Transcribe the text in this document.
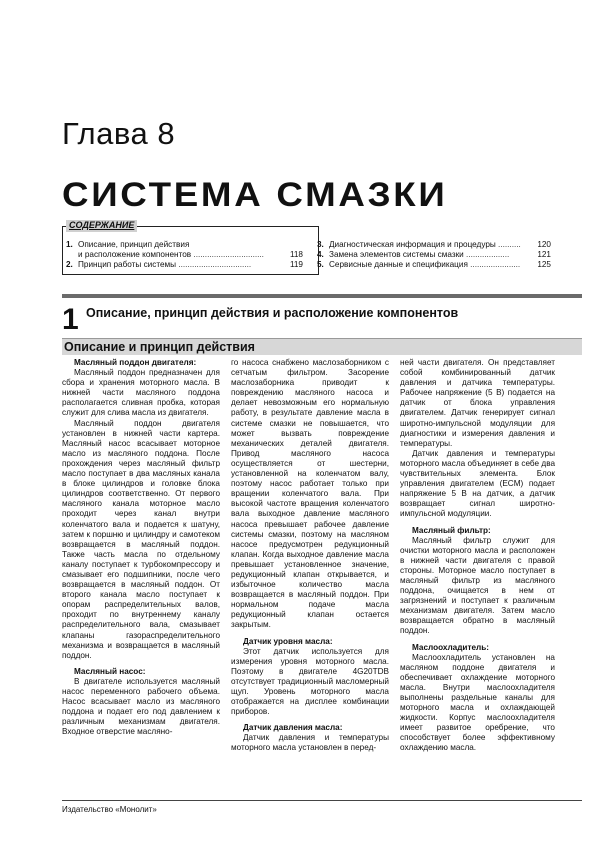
Глава 8
СИСТЕМА СМАЗКИ
СОДЕРЖАНИЕ
1. Описание, принцип действия
и расположение компонентов ...............................	118
2. Принцип работы системы ................................	119
3. Диагностическая информация и процедуры .......... 120
4. Замена элементов системы смазки ...................	121
5. Сервисные данные и спецификация ...................... 125
1 Описание, принцип действия и расположение компонентов
Описание и принцип действия

Масляный поддон двигателя:

Масляный поддон предназначен для сбора и хранения моторного масла. В нижней части масляного поддона располагается сливная пробка, которая служит для слива масла из двигателя.

Масляный поддон двигателя установлен в нижней части картера. Масляный насос всасывает моторное масло из масляного поддона. После прохождения через масляный фильтр масло поступает в два масляных канала в блоке цилиндров и головке блока цилиндров соответственно. От первого масляного канала моторное масло проходит через канал внутри коленчатого вала и подается к шатуну, затем к поршню и цилиндру и самотеком возвращается в масляный поддон. Также часть масла по отдельному каналу поступает к турбокомпрессору и смазывает его подшипники, после чего возвращается в масляный поддон. От второго канала масло поступает к опорам распределительных валов, проходит по внутреннему каналу распределительного вала, смазывает клапаны газораспределительного механизма и возвращается в масляный поддон.

Масляный насос:

В двигателе используется масляный насос переменного рабочего объема. Насос всасывает масло из масляного поддона и подает его под давлением к различным механизмам двигателя. Входное отверстие масляно-

го насоса снабжено маслозаборником с сетчатым фильтром. Засорение маслозаборника приводит к повреждению масляного насоса и делает невозможным его нормальную работу, в результате давление масла в системе смазки не повышается, что может вызвать повреждение механических деталей двигателя. Привод масляного насоса осуществляется от шестерни, установленной на коленчатом валу, поэтому насос работает только при вращении коленчатого вала. При высокой частоте вращения коленчатого вала выходное давление масляного насоса превышает рабочее давление системы смазки, поэтому на масляном насосе предусмотрен редукционный клапан. Когда выходное давление масла превышает установленное значение, редукционный клапан открывается, и избыточное количество масла возвращается в масляный поддон. При нормальном подаче масла редукционный клапан остается закрытым.

Датчик уровня масла:

Этот датчик используется для измерения уровня моторного масла. Поэтому в двигателе 4G20TDB отсутствует традиционный масломерный щуп. Уровень моторного масла отображается на дисплее комбинации приборов.

Датчик давления масла:

Датчик давления и температуры моторного масла установлен в перед-

ней части двигателя. Он представляет собой комбинированный датчик давления и датчика температуры. Рабочее напряжение (5 В) подается на датчик от блока управления двигателем. Датчик генерирует сигнал широтно-импульсной модуляции для диагностики и измерения давления и температуры.

Датчик давления и температуры моторного масла объединяет в себе два чувствительных элемента. Блок управления двигателем (ECM) подает напряжение 5 В на датчик, а датчик возвращает сигнал широтно-импульсной модуляции.

Масляный фильтр:

Масляный фильтр служит для очистки моторного масла и расположен в нижней части двигателя с правой стороны. Моторное масло поступает в масляный фильтр из масляного поддона, очищается в нем от загрязнений и поступает к различным механизмам двигателя. Затем масло возвращается обратно в масляный поддон.

Маслоохладитель:

Маслоохладитель установлен на масляном поддоне двигателя и обеспечивает охлаждение моторного масла. Внутри маслоохладителя выполнены раздельные каналы для моторного масла и охлаждающей жидкости. Корпус маслоохладителя имеет развитое оребрение, что способствует более эффективному охлаждению масла.

Издательство «Монолит»
